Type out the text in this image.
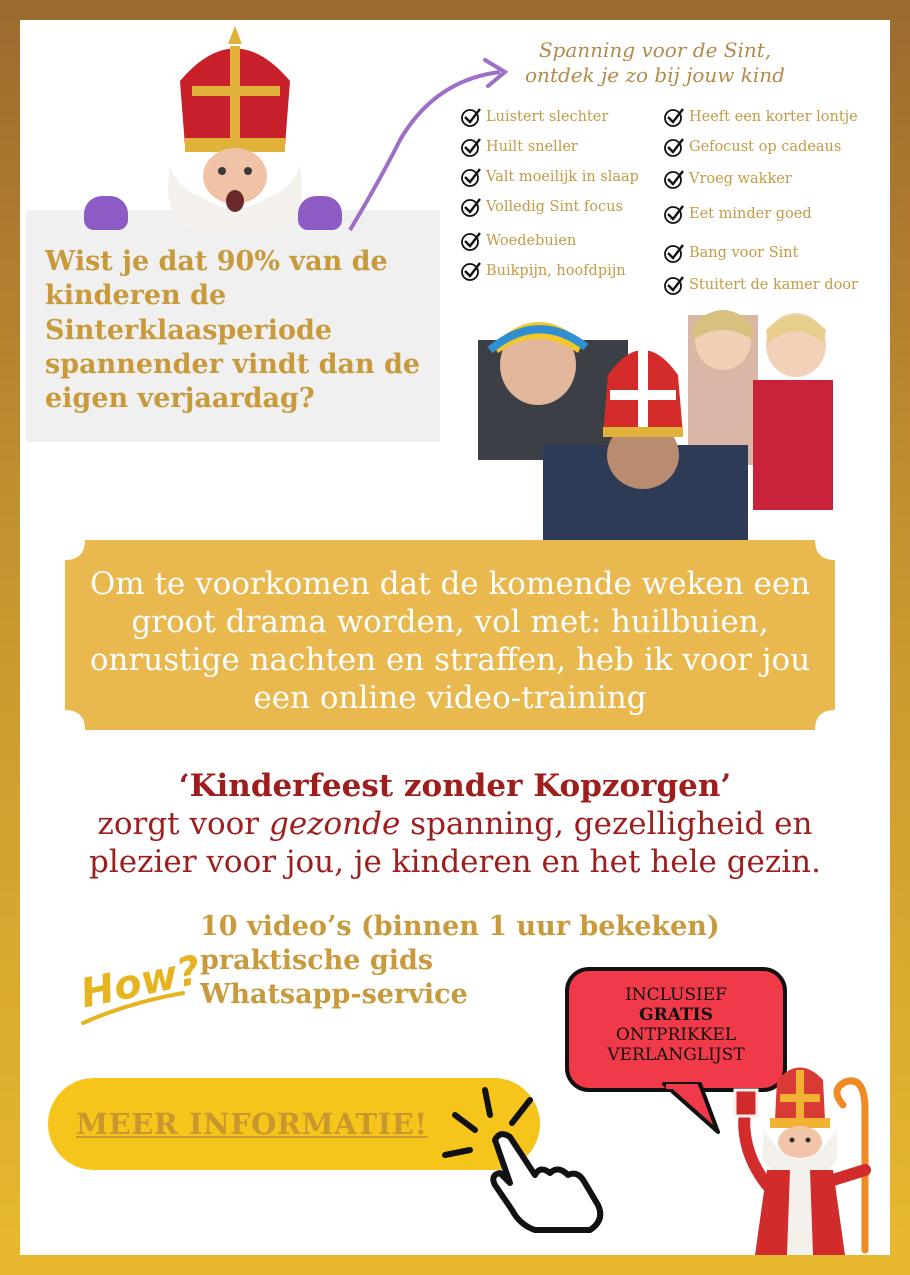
Wist je dat 90% van de
kinderen de
Sinterklaasperiode
spannender vindt dan de
eigen verjaardag?
Spanning voor de Sint,
ontdek je zo bij jouw kind
Luistert slechter
Huilt sneller
Valt moeilijk in slaap
Volledig Sint focus
Woedebuien
Buikpijn, hoofdpijn
Heeft een korter lontje
Gefocust op cadeaus
Vroeg wakker
Eet minder goed
Bang voor Sint
Stuitert de kamer door
Om te voorkomen dat de komende weken een
groot drama worden, vol met: huilbuien,
onrustige nachten en straffen, heb ik voor jou
een online video-training
‘Kinderfeest zonder Kopzorgen’
zorgt voor gezonde spanning, gezelligheid en
plezier voor jou, je kinderen en het hele gezin.
How?
10 video’s (binnen 1 uur bekeken)
praktische gids
Whatsapp-service	INCLUSIEF
GRATIS
ONTPRIKKEL
VERLANGLIJST
MEER INFORMATIE!
